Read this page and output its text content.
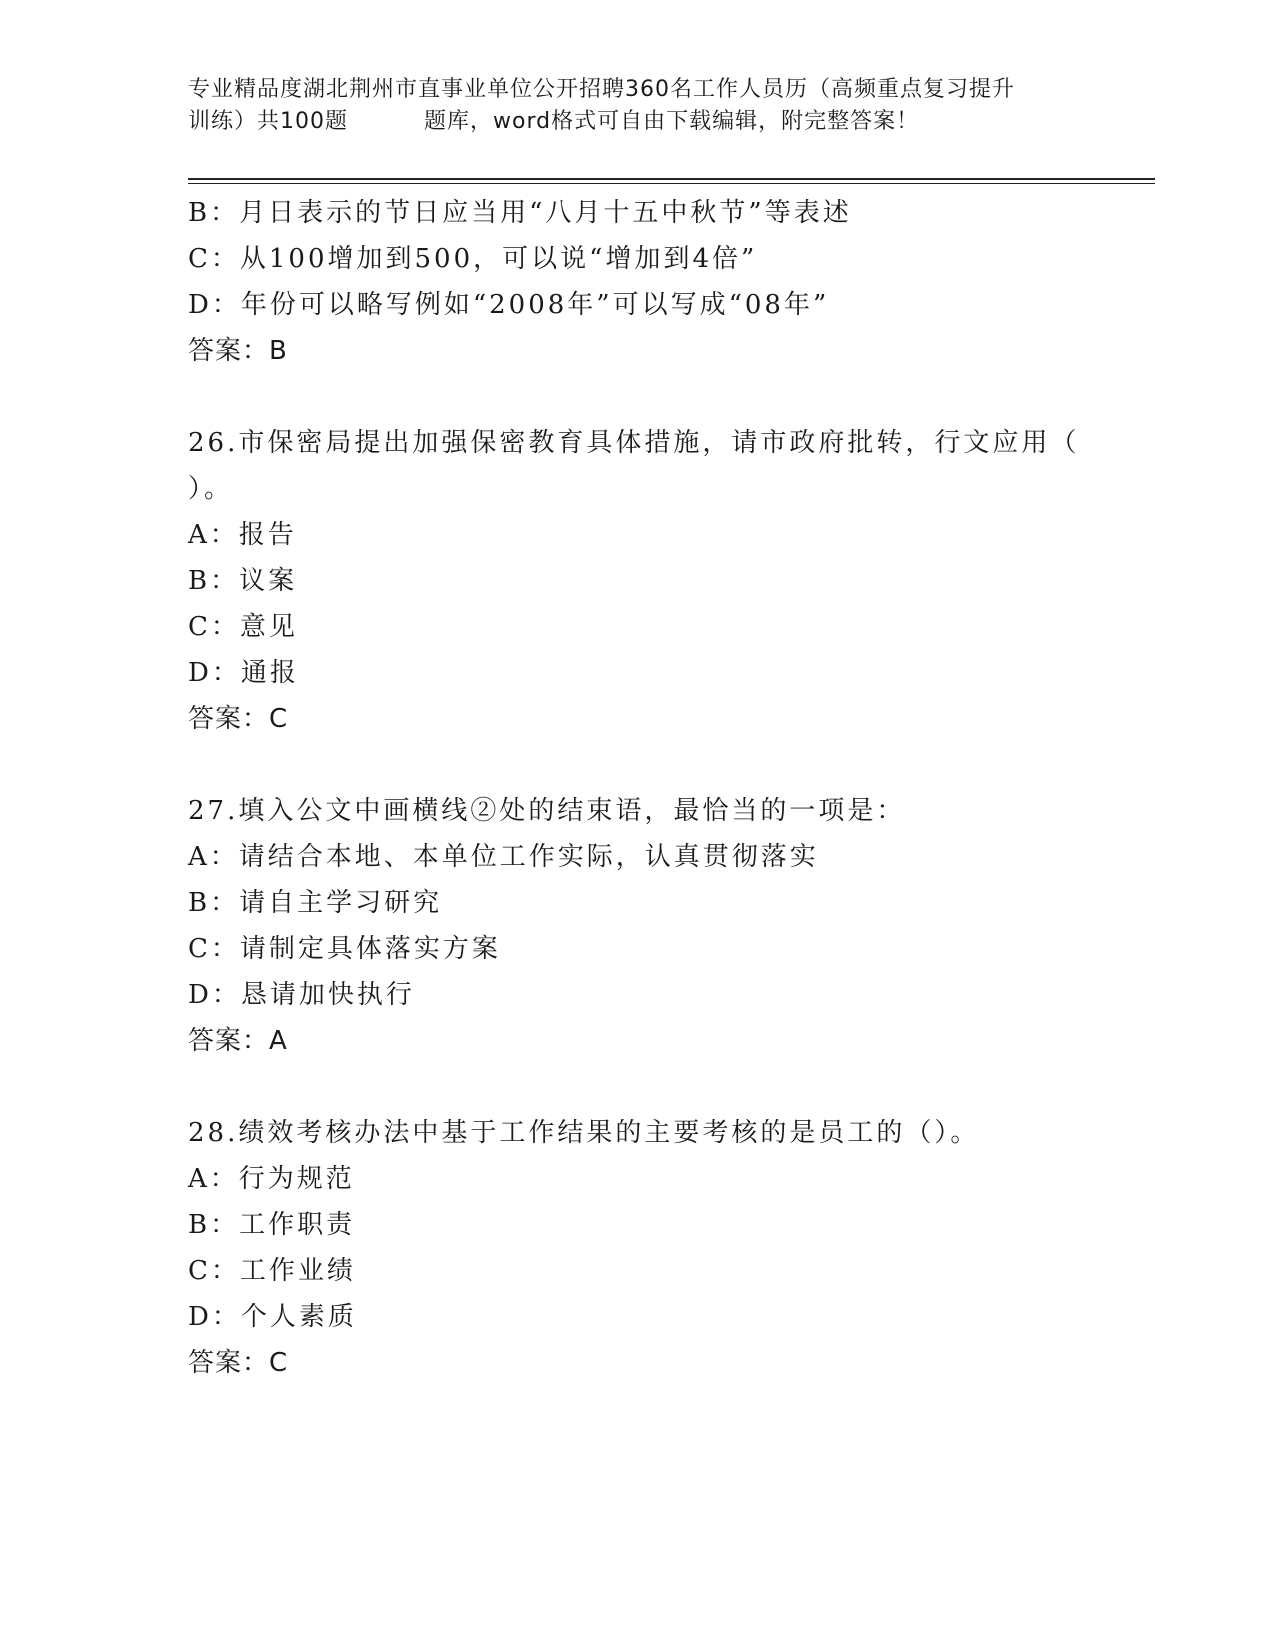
专业精品度湖北荆州市直事业单位公开招聘360名工作人员历（高频重点复习提升
训练）共100题	题库，word格式可自由下载编辑，附完整答案！
B：月日表示的节日应当用“八月十五中秋节”等表述
C：从100增加到500，可以说“增加到4倍”
D：年份可以略写例如“2008年”可以写成“08年”
答案：B
26.市保密局提出加强保密教育具体措施，请市政府批转，行文应用（
）。
A：报告
B：议案
C：意见
D：通报
答案：C
27.填入公文中画横线②处的结束语，最恰当的一项是：
A：请结合本地、本单位工作实际，认真贯彻落实
B：请自主学习研究
C：请制定具体落实方案
D：恳请加快执行
答案：A
28.绩效考核办法中基于工作结果的主要考核的是员工的（）。
A：行为规范
B：工作职责
C：工作业绩
D：个人素质
答案：C
